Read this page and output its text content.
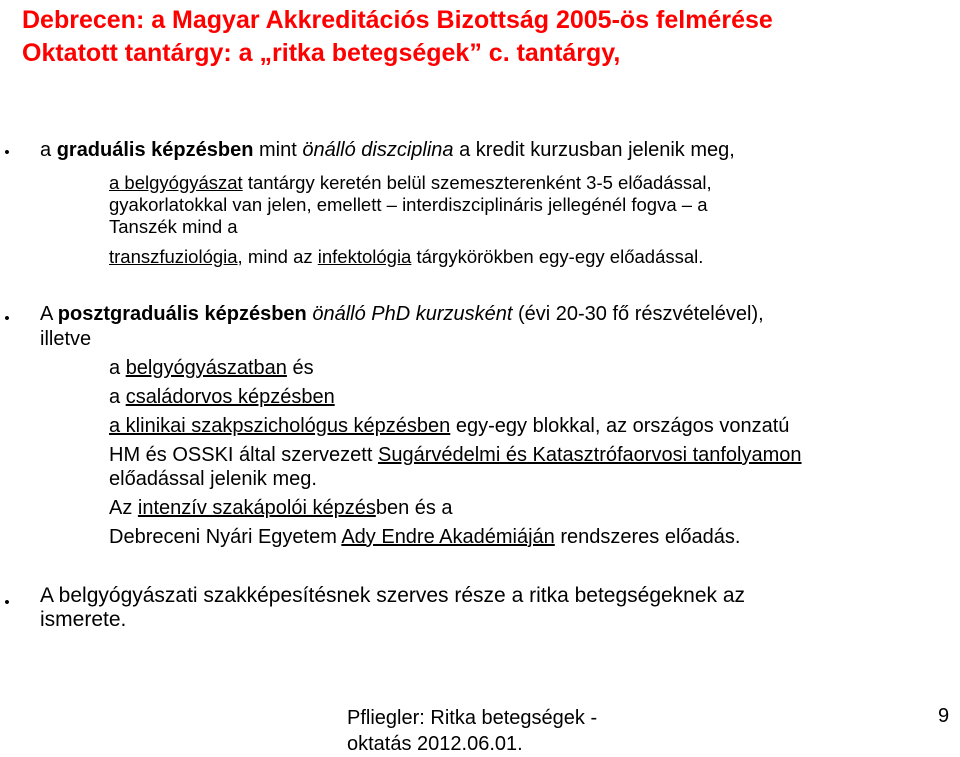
Debrecen: a Magyar Akkreditációs Bizottság 2005-ös felmérése
Oktatott tantárgy: a „ritka betegségek” c. tantárgy,
• a graduális képzésben mint önálló diszciplina a kredit kurzusban jelenik meg,
a belgyógyászat tantárgy keretén belül szemeszterenként 3-5 előadással,
gyakorlatokkal van jelen, emellett – interdiszciplináris jellegénél fogva – a
Tanszék mind a
transzfuziológia, mind az infektológia tárgykörökben egy-egy előadással.
• A posztgraduális képzésben önálló PhD kurzusként (évi 20-30 fő részvételével),
illetve
a belgyógyászatban és
a családorvos képzésben
a klinikai szakpszichológus képzésben egy-egy blokkal, az országos vonzatú
HM és OSSKI által szervezett Sugárvédelmi és Katasztrófaorvosi tanfolyamon
előadással jelenik meg.
Az intenzív szakápolói képzésben és a
Debreceni Nyári Egyetem Ady Endre Akadémiáján rendszeres előadás.
• A belgyógyászati szakképesítésnek szerves része a ritka betegségeknek az
ismerete.
Pfliegler: Ritka betegségek -
oktatás 2012.06.01.
9
